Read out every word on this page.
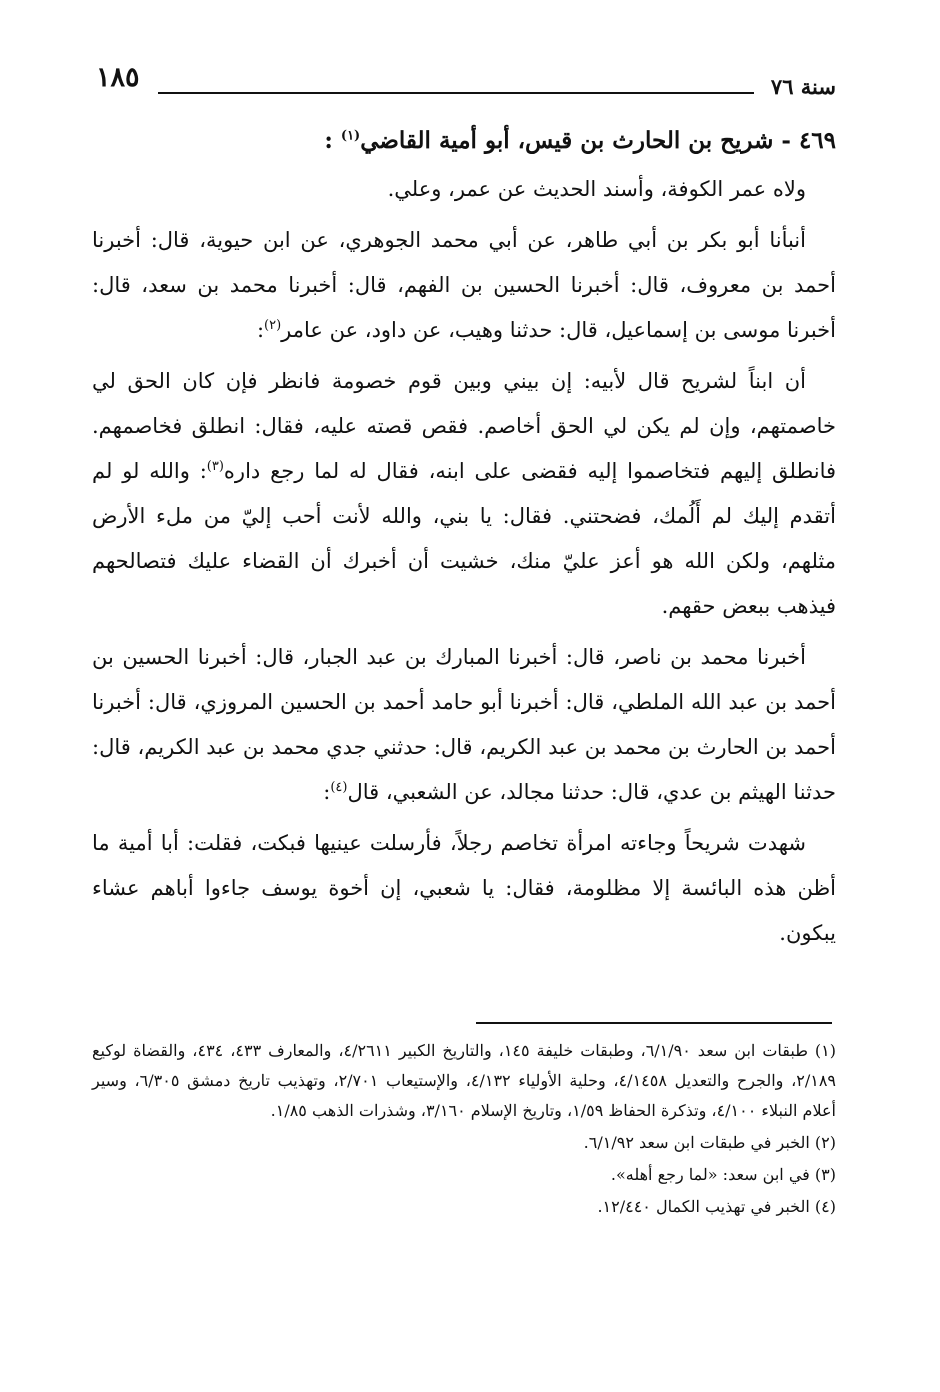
سنة ٧٦
١٨٥

٤٦٩ - شريح بن الحارث بن قيس، أبو أمية القاضي$^{(١)}$ :

ولاه عمر الكوفة، وأسند الحديث عن عمر، وعلي.

أنبأنا أبو بكر بن أبي طاهر، عن أبي محمد الجوهري، عن ابن حيوية، قال: أخبرنا أحمد بن معروف، قال: أخبرنا الحسين بن الفهم، قال: أخبرنا محمد بن سعد، قال: أخبرنا موسى بن إسماعيل، قال: حدثنا وهيب، عن داود، عن عامر$^{(٢)}$:

أن ابناً لشريح قال لأبيه: إن بيني وبين قوم خصومة فانظر فإن كان الحق لي خاصمتهم، وإن لم يكن لي الحق أخاصم. فقص قصته عليه، فقال: انطلق فخاصمهم. فانطلق إليهم فتخاصموا إليه فقضى على ابنه، فقال له لما رجع داره$^{(٣)}$: والله لو لم أتقدم إليك لم أَلُمك، فضحتني. فقال: يا بني، والله لأنت أحب إليّ من ملء الأرض مثلهم، ولكن الله هو أعز عليّ منك، خشيت أن أخبرك أن القضاء عليك فتصالحهم فيذهب ببعض حقهم.

أخبرنا محمد بن ناصر، قال: أخبرنا المبارك بن عبد الجبار، قال: أخبرنا الحسين بن أحمد بن عبد الله الملطي، قال: أخبرنا أبو حامد أحمد بن الحسين المروزي، قال: أخبرنا أحمد بن الحارث بن محمد بن عبد الكريم، قال: حدثني جدي محمد بن عبد الكريم، قال: حدثنا الهيثم بن عدي، قال: حدثنا مجالد، عن الشعبي، قال$^{(٤)}$:

شهدت شريحاً وجاءته امرأة تخاصم رجلاً، فأرسلت عينيها فبكت، فقلت: أبا أمية ما أظن هذه البائسة إلا مظلومة، فقال: يا شعبي، إن أخوة يوسف جاءوا أباهم عشاء يبكون.

(١) طبقات ابن سعد ٦/١/٩٠، وطبقات خليفة ١٤٥، والتاريخ الكبير ٤/٢٦١١، والمعارف ٤٣٣، ٤٣٤، والقضاة لوكيع ٢/١٨٩، والجرح والتعديل ٤/١٤٥٨، وحلية الأولياء ٤/١٣٢، والإستيعاب ٢/٧٠١، وتهذيب تاريخ دمشق ٦/٣٠٥، وسير أعلام النبلاء ٤/١٠٠، وتذكرة الحفاظ ١/٥٩، وتاريخ الإسلام ٣/١٦٠، وشذرات الذهب ١/٨٥.

(٢) الخبر في طبقات ابن سعد ٦/١/٩٢.

(٣) في ابن سعد: «لما رجع أهله».

(٤) الخبر في تهذيب الكمال ١٢/٤٤٠.
